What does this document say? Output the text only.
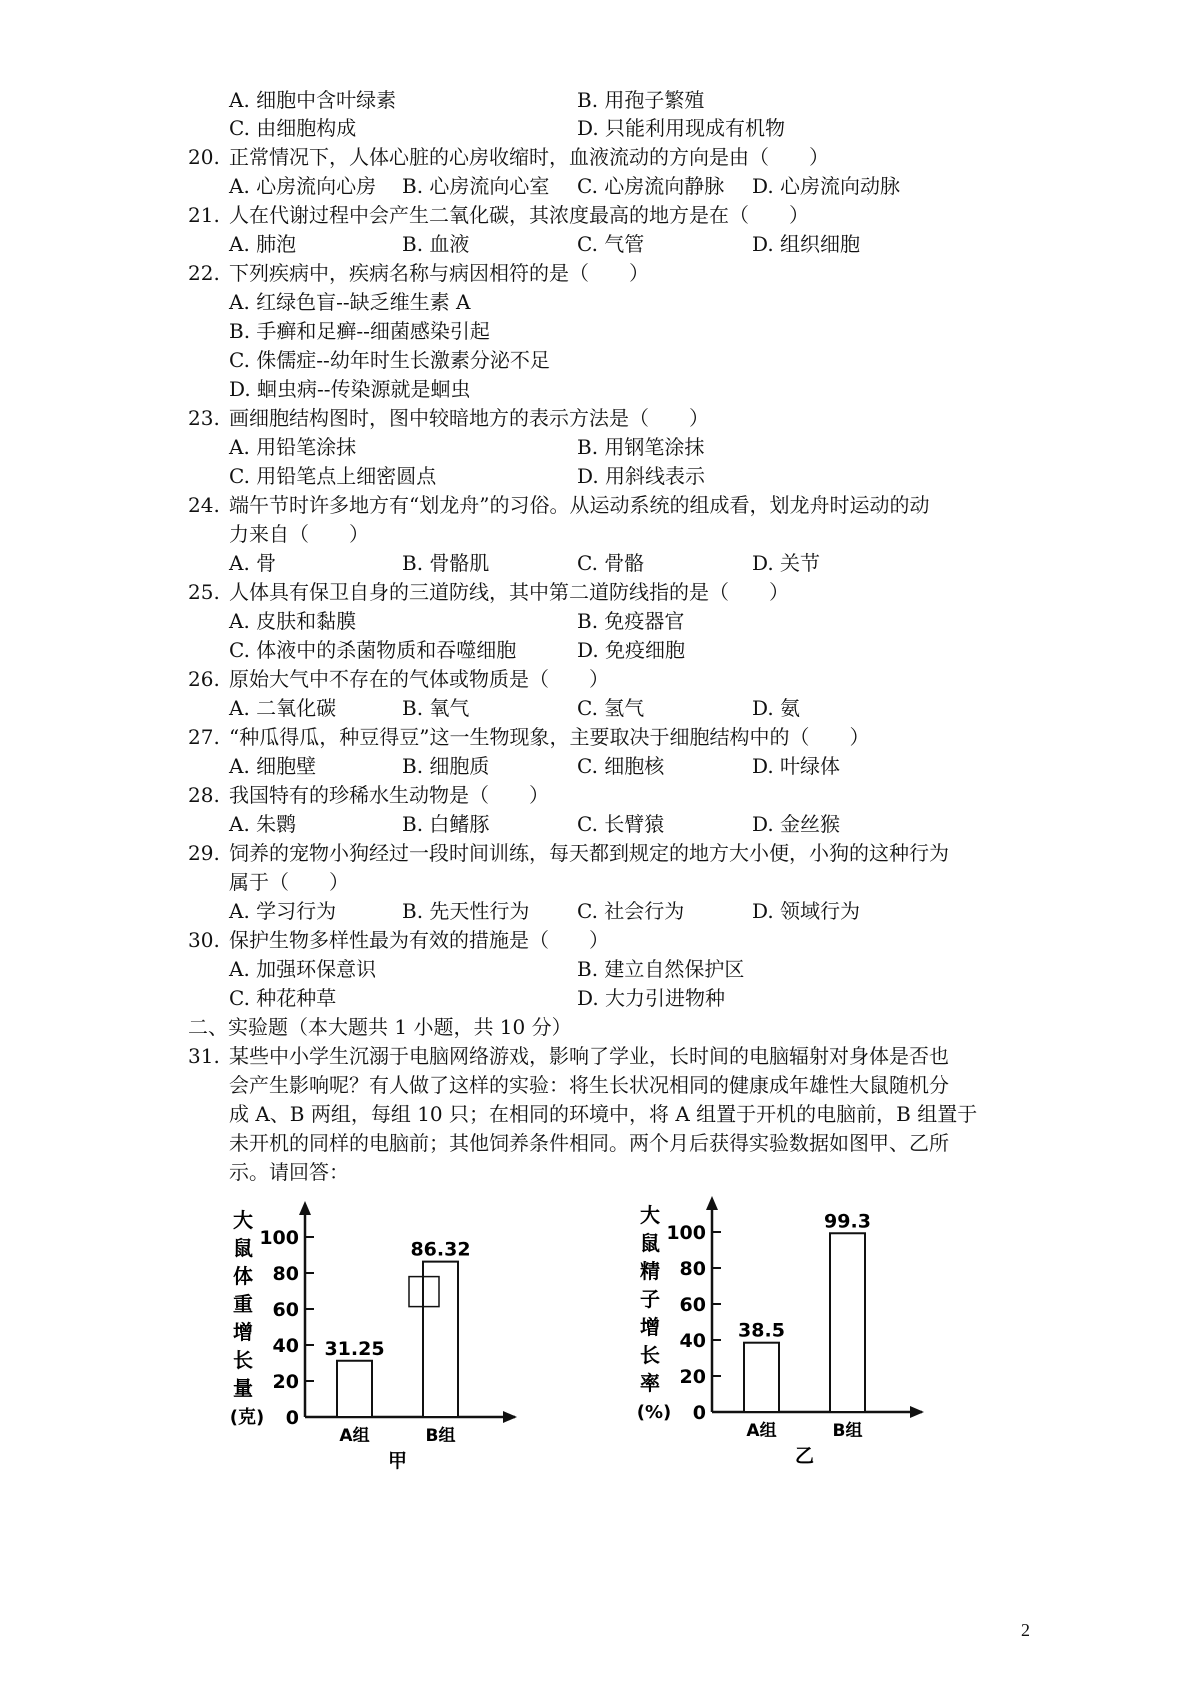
A. 细胞中含叶绿素	B. 用孢子繁殖
C. 由细胞构成	D. 只能利用现成有机物
20. 正常情况下，人体心脏的心房收缩时，血液流动的方向是由（　　）
A. 心房流向心房 B. 心房流向心室 C. 心房流向静脉 D. 心房流向动脉
21. 人在代谢过程中会产生二氧化碳，其浓度最高的地方是在（　　）
A. 肺泡	B. 血液	C. 气管	D. 组织细胞
22. 下列疾病中，疾病名称与病因相符的是（　　）
A. 红绿色盲--缺乏维生素 A
B. 手癣和足癣--细菌感染引起
C. 侏儒症--幼年时生长激素分泌不足
D. 蛔虫病--传染源就是蛔虫
23. 画细胞结构图时，图中较暗地方的表示方法是（　　）
A. 用铅笔涂抹	B. 用钢笔涂抹
C. 用铅笔点上细密圆点	D. 用斜线表示
24. 端午节时许多地方有“划龙舟”的习俗。从运动系统的组成看，划龙舟时运动的动
力来自（　　）
A. 骨	B. 骨骼肌	C. 骨骼	D. 关节
25. 人体具有保卫自身的三道防线，其中第二道防线指的是（　　）
A. 皮肤和黏膜	B. 免疫器官
C. 体液中的杀菌物质和吞噬细胞	D. 免疫细胞
26. 原始大气中不存在的气体或物质是（　　）
A. 二氧化碳	B. 氧气	C. 氢气	D. 氨
27. “种瓜得瓜，种豆得豆”这一生物现象，主要取决于细胞结构中的（　　）
A. 细胞壁	B. 细胞质	C. 细胞核	D. 叶绿体
28. 我国特有的珍稀水生动物是（　　）
A. 朱鹮	B. 白鳍豚	C. 长臂猿	D. 金丝猴
29. 饲养的宠物小狗经过一段时间训练，每天都到规定的地方大小便，小狗的这种行为
属于（　　）
A. 学习行为	B. 先天性行为 C. 社会行为	D. 领域行为
30. 保护生物多样性最为有效的措施是（　　）
A. 加强环保意识	B. 建立自然保护区
C. 种花种草	D. 大力引进物种
二、实验题（本大题共 1 小题，共 10 分）
31. 某些中小学生沉溺于电脑网络游戏，影响了学业，长时间的电脑辐射对身体是否也
会产生影响呢？有人做了这样的实验：将生长状况相同的健康成年雄性大鼠随机分
成 A、B 两组，每组 10 只；在相同的环境中，将 A 组置于开机的电脑前，B 组置于
未开机的同样的电脑前；其他饲养条件相同。两个月后获得实验数据如图甲、乙所
示。请回答：
大
鼠
体
重
增
长
量
(克) 0
20
40
60
80
100
31.25
A组
86.32
B组
甲
大
鼠
精
子
增
长
率
(%) 0
20
40
60
80
100
38.5
A组
99.3
B组
乙
2
